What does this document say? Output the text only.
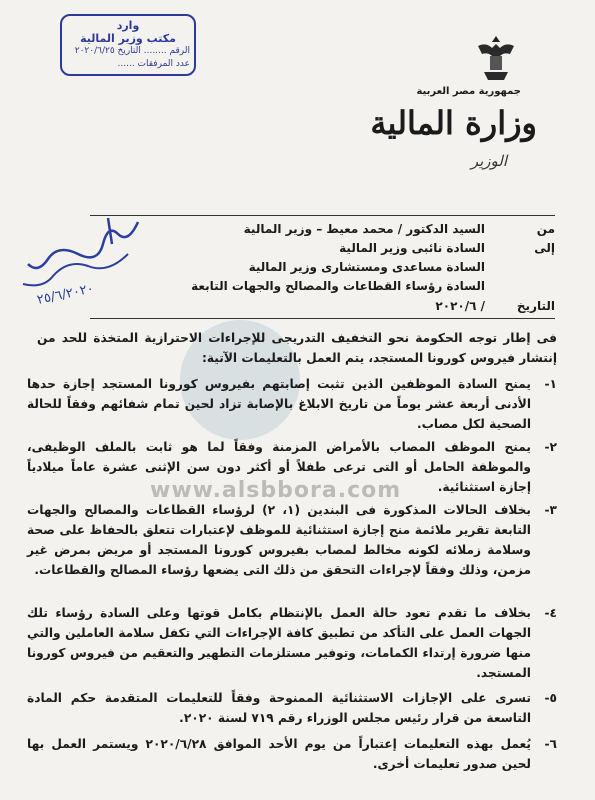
وارد
مكتب وزير المالية
الرقم ........ التاريخ ٢٠٢٠/٦/٢٥
عدد المرفقات ......
جمهورية مصر العربية
وزارة المالية
الوزير
٢٥/٦/٢٠٢٠
من
السيد الدكتور / محمد معيط – وزير المالية
إلى
السادة نائبى وزير المالية
السادة مساعدى ومستشارى وزير المالية
السادة رؤساء القطاعات والمصالح والجهات التابعة
التاريخ
/ ٢٠٢٠/٦
www.alsbbora.com
فى إطار توجه الحكومة نحو التخفيف التدريجى للإجراءات الاحترازية المتخذة للحد من إنتشار فيروس كورونا المستجد، يتم العمل بالتعليمات الآتية:
١-
يمنح السادة الموظفين الذين تثبت إصابتهم بفيروس كورونا المستجد إجازة حدها الأدنى أربعة عشر يوماً من تاريخ الابلاغ بالإصابة تزاد لحين تمام شفائهم وفقاً للحالة الصحية لكل مصاب.
٢-
يمنح الموظف المصاب بالأمراض المزمنة وفقاً لما هو ثابت بالملف الوظيفى، والموظفة الحامل أو التى ترعى طفلاً أو أكثر دون سن الإثنى عشرة عاماً ميلادياً إجازة استثنائية.
٣-
بخلاف الحالات المذكورة فى البندين (١، ٢) لرؤساء القطاعات والمصالح والجهات التابعة تقرير ملائمة منح إجازة استثنائية للموظف لإعتبارات تتعلق بالحفاظ على صحة وسلامة زملائه لكونه مخالط لمصاب بفيروس كورونا المستجد أو مريض بمرض غير مزمن، وذلك وفقاً لإجراءات التحقق من ذلك التى يضعها رؤساء المصالح والقطاعات.
٤-
بخلاف ما تقدم تعود حالة العمل بالإنتظام بكامل قوتها وعلى السادة رؤساء تلك الجهات العمل على التأكد من تطبيق كافة الإجراءات التي تكفل سلامة العاملين والتي منها ضرورة إرتداء الكمامات، وتوفير مستلزمات التطهير والتعقيم من فيروس كورونا المستجد.
٥-
تسرى على الإجازات الاستثنائية الممنوحة وفقاً للتعليمات المتقدمة حكم المادة التاسعة من قرار رئيس مجلس الوزراء رقم ٧١٩ لسنة ٢٠٢٠.
٦-
يُعمل بهذه التعليمات إعتباراً من يوم الأحد الموافق ٢٠٢٠/٦/٢٨ ويستمر العمل بها لحين صدور تعليمات أخرى.
